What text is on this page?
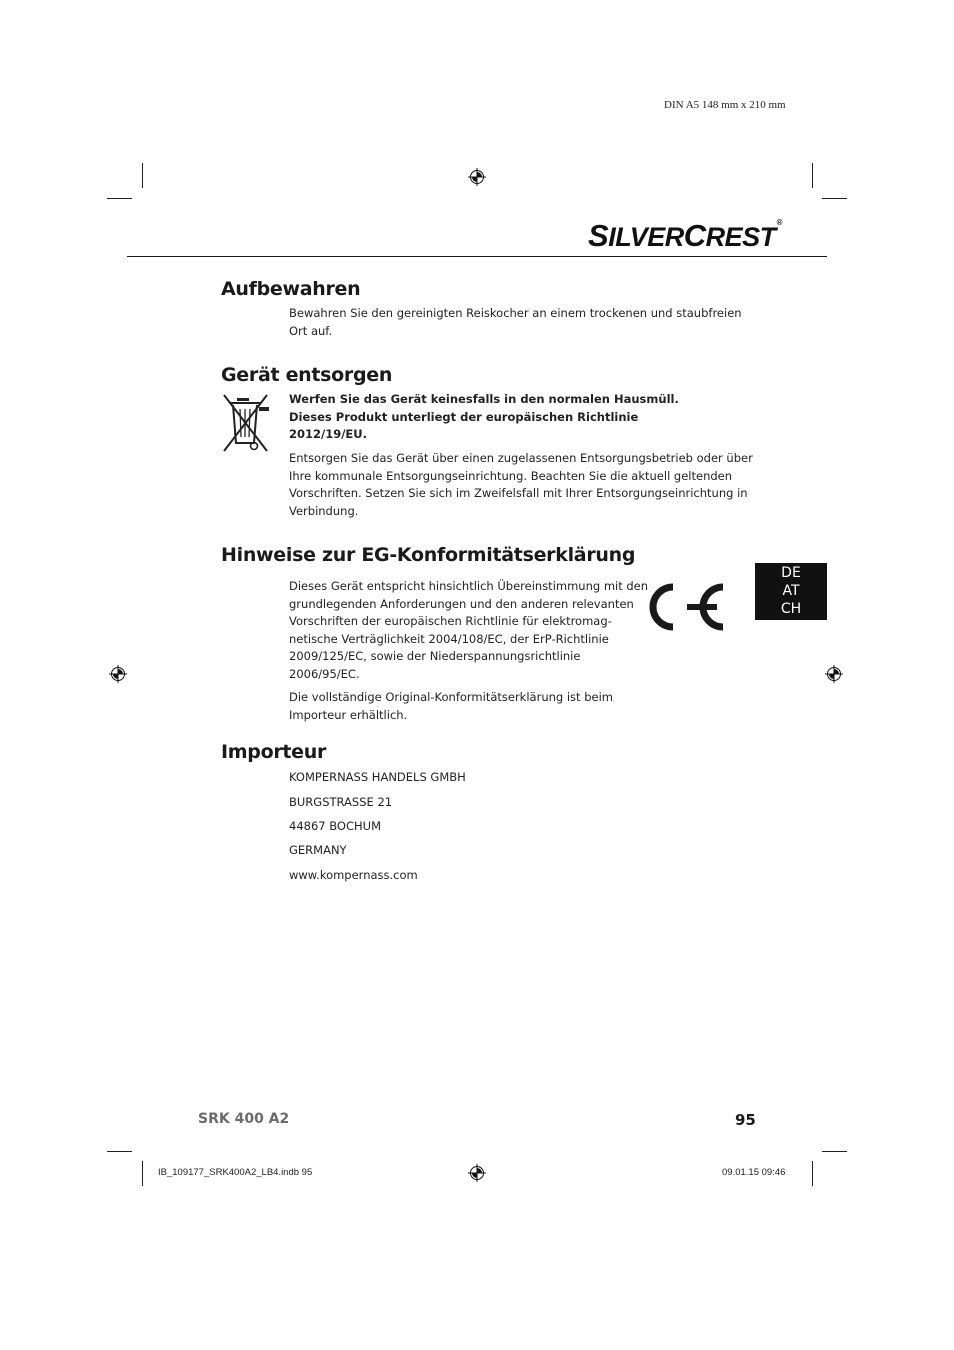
DIN A5 148 mm x 210 mm
SILVERCREST®
Aufbewahren
Bewahren Sie den gereinigten Reiskocher an einem trockenen und staubfreien
Ort auf.
Gerät entsorgen
Werfen Sie das Gerät keinesfalls in den normalen Hausmüll.
Dieses Produkt unterliegt der europäischen Richtlinie
2012/19/EU.
Entsorgen Sie das Gerät über einen zugelassenen Entsorgungsbetrieb oder über
Ihre kommunale Entsorgungseinrichtung. Beachten Sie die aktuell geltenden
Vorschriften. Setzen Sie sich im Zweifelsfall mit Ihrer Entsorgungseinrichtung in
Verbindung.
Hinweise zur EG-Konformitätserklärung
Dieses Gerät entspricht hinsichtlich Übereinstimmung mit den
grundlegenden Anforderungen und den anderen relevanten
Vorschriften der europäischen Richtlinie für elektromag-
netische Verträglichkeit 2004/108/EC, der ErP-Richtlinie
2009/125/EC, sowie der Niederspannungsrichtlinie
2006/95/EC.
Die vollständige Original-Konformitätserklärung ist beim
Importeur erhältlich.
DE
AT
CH
Importeur
KOMPERNASS HANDELS GMBH
BURGSTRASSE 21
44867 BOCHUM
GERMANY
www.kompernass.com
SRK 400 A2	95
IB_109177_SRK400A2_LB4.indb 95	09.01.15 09:46
